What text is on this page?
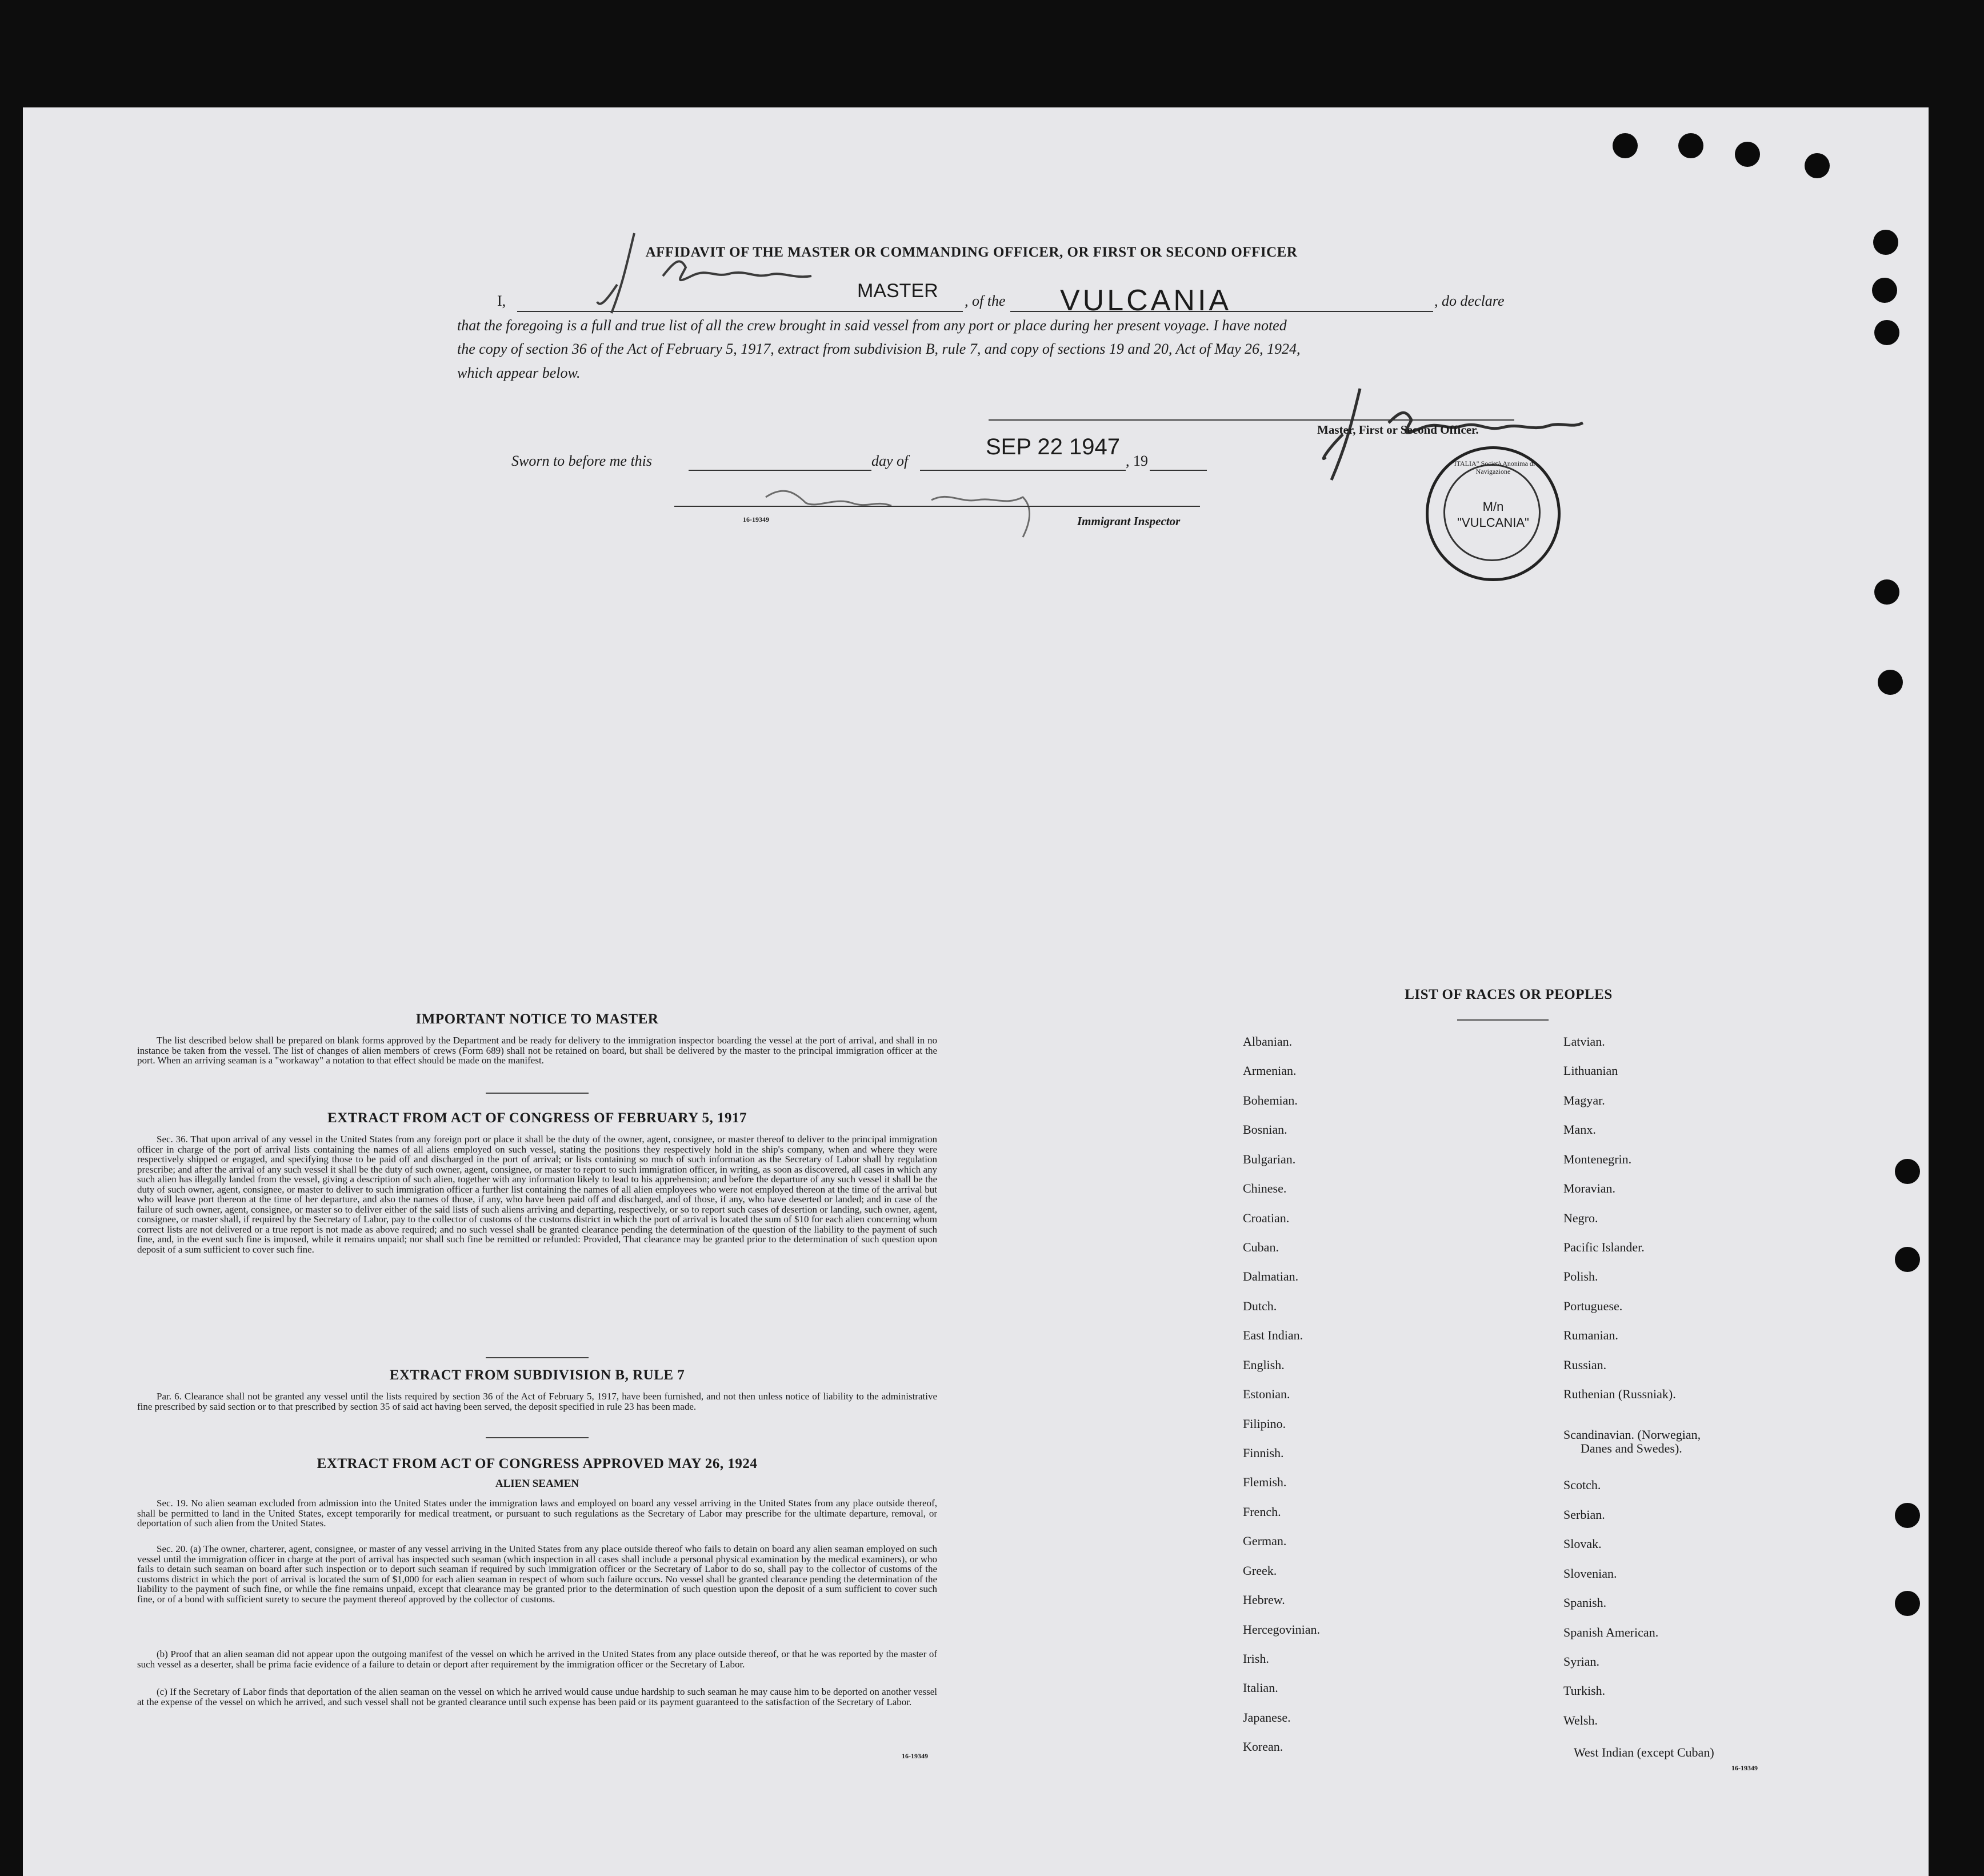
AFFIDAVIT OF THE MASTER OR COMMANDING OFFICER, OR FIRST OR SECOND OFFICER
I,	MASTER , of the VULCANIA	, do declare
that the foregoing is a full and true list of all the crew brought in said vessel from any port or place during her present voyage. I have noted
the copy of section 36 of the Act of February 5, 1917, extract from subdivision B, rule 7, and copy of sections 19 and 20, Act of May 26, 1924,
which appear below.
Master, First or Second Officer.
Sworn to before me this	day of
SEP 22 1947
, 19
16-19349	Immigrant Inspector
"ITALIA" Società Anonima di Navigazione
M/n
"VULCANIA"
IMPORTANT NOTICE TO MASTER
The list described below shall be prepared on blank forms approved by the Department and be ready for delivery to the immigration inspector boarding the vessel at the port of arrival, and shall in no instance be taken from the vessel. The list of changes of alien members of crews (Form 689) shall not be retained on board, but shall be delivered by the master to the principal immigration officer at the port. When an arriving seaman is a "workaway" a notation to that effect should be made on the manifest.
EXTRACT FROM ACT OF CONGRESS OF FEBRUARY 5, 1917
Sec. 36. That upon arrival of any vessel in the United States from any foreign port or place it shall be the duty of the owner, agent, consignee, or master thereof to deliver to the principal immigration officer in charge of the port of arrival lists containing the names of all aliens employed on such vessel, stating the positions they respectively hold in the ship's company, when and where they were respectively shipped or engaged, and specifying those to be paid off and discharged in the port of arrival; or lists containing so much of such information as the Secretary of Labor shall by regulation prescribe; and after the arrival of any such vessel it shall be the duty of such owner, agent, consignee, or master to report to such immigration officer, in writing, as soon as discovered, all cases in which any such alien has illegally landed from the vessel, giving a description of such alien, together with any information likely to lead to his apprehension; and before the departure of any such vessel it shall be the duty of such owner, agent, consignee, or master to deliver to such immigration officer a further list containing the names of all alien employees who were not employed thereon at the time of the arrival but who will leave port thereon at the time of her departure, and also the names of those, if any, who have been paid off and discharged, and of those, if any, who have deserted or landed; and in case of the failure of such owner, agent, consignee, or master so to deliver either of the said lists of such aliens arriving and departing, respectively, or so to report such cases of desertion or landing, such owner, agent, consignee, or master shall, if required by the Secretary of Labor, pay to the collector of customs of the customs district in which the port of arrival is located the sum of $10 for each alien concerning whom correct lists are not delivered or a true report is not made as above required; and no such vessel shall be granted clearance pending the determination of the question of the liability to the payment of such fine, and, in the event such fine is imposed, while it remains unpaid; nor shall such fine be remitted or refunded: Provided, That clearance may be granted prior to the determination of such question upon deposit of a sum sufficient to cover such fine.
EXTRACT FROM SUBDIVISION B, RULE 7
Par. 6. Clearance shall not be granted any vessel until the lists required by section 36 of the Act of February 5, 1917, have been furnished, and not then unless notice of liability to the administrative fine prescribed by said section or to that prescribed by section 35 of said act having been served, the deposit specified in rule 23 has been made.
EXTRACT FROM ACT OF CONGRESS APPROVED MAY 26, 1924
ALIEN SEAMEN
Sec. 19. No alien seaman excluded from admission into the United States under the immigration laws and employed on board any vessel arriving in the United States from any place outside thereof, shall be permitted to land in the United States, except temporarily for medical treatment, or pursuant to such regulations as the Secretary of Labor may prescribe for the ultimate departure, removal, or deportation of such alien from the United States.
Sec. 20. (a) The owner, charterer, agent, consignee, or master of any vessel arriving in the United States from any place outside thereof who fails to detain on board any alien seaman employed on such vessel until the immigration officer in charge at the port of arrival has inspected such seaman (which inspection in all cases shall include a personal physical examination by the medical examiners), or who fails to detain such seaman on board after such inspection or to deport such seaman if required by such immigration officer or the Secretary of Labor to do so, shall pay to the collector of customs of the customs district in which the port of arrival is located the sum of $1,000 for each alien seaman in respect of whom such failure occurs. No vessel shall be granted clearance pending the determination of the liability to the payment of such fine, or while the fine remains unpaid, except that clearance may be granted prior to the determination of such question upon the deposit of a sum sufficient to cover such fine, or of a bond with sufficient surety to secure the payment thereof approved by the collector of customs.
(b) Proof that an alien seaman did not appear upon the outgoing manifest of the vessel on which he arrived in the United States from any place outside thereof, or that he was reported by the master of such vessel as a deserter, shall be prima facie evidence of a failure to detain or deport after requirement by the immigration officer or the Secretary of Labor.
(c) If the Secretary of Labor finds that deportation of the alien seaman on the vessel on which he arrived would cause undue hardship to such seaman he may cause him to be deported on another vessel at the expense of the vessel on which he arrived, and such vessel shall not be granted clearance until such expense has been paid or its payment guaranteed to the satisfaction of the Secretary of Labor.
16-19349
LIST OF RACES OR PEOPLES
Albanian.
Armenian.
Bohemian.
Bosnian.
Bulgarian.
Chinese.
Croatian.
Cuban.
Dalmatian.
Dutch.
East Indian.
English.
Estonian.
Filipino.
Finnish.
Flemish.
French.
German.
Greek.
Hebrew.
Hercegovinian.
Irish.
Italian.
Japanese.
Korean.
Latvian.
Lithuanian
Magyar.
Manx.
Montenegrin.
Moravian.
Negro.
Pacific Islander.
Polish.
Portuguese.
Rumanian.
Russian.
Ruthenian (Russniak).
Scandinavian. (Norwegian,
Danes and Swedes).
Scotch.
Serbian.
Slovak.
Slovenian.
Spanish.
Spanish American.
Syrian.
Turkish.
Welsh.
West Indian (except Cuban)
16-19349
